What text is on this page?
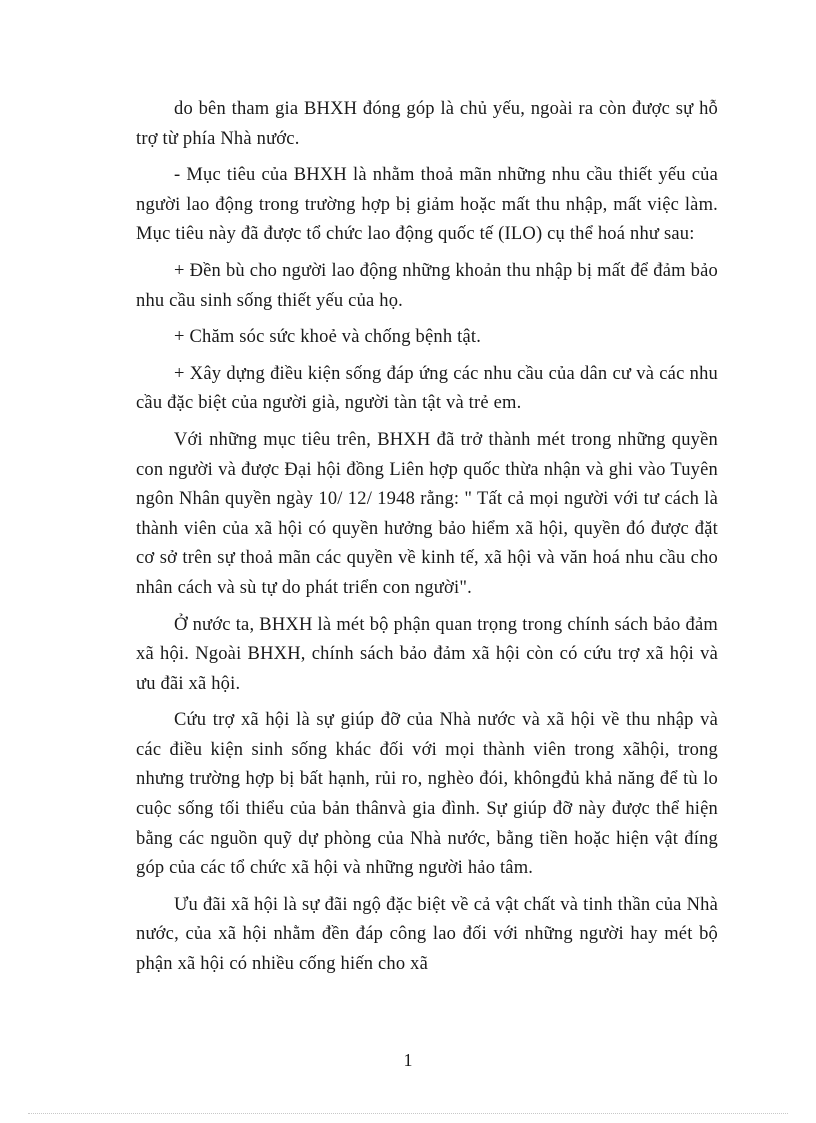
do bên tham gia BHXH đóng góp là chủ yếu, ngoài ra còn được sự hỗ trợ từ phía Nhà nước.

- Mục tiêu của BHXH là nhằm thoả mãn những nhu cầu thiết yếu của người lao động trong trường hợp bị giảm hoặc mất thu nhập, mất việc làm. Mục tiêu này đã được tổ chức lao động quốc tế (ILO) cụ thể hoá như sau:

+ Đền bù cho người lao động những khoản thu nhập bị mất để đảm bảo nhu cầu sinh sống thiết yếu của họ.

+ Chăm sóc sức khoẻ và chống bệnh tật.

+ Xây dựng điều kiện sống đáp ứng các nhu cầu của dân cư và các nhu cầu đặc biệt của người già, người tàn tật và trẻ em.

Với những mục tiêu trên, BHXH đã trở thành mét trong những quyền con người và được Đại hội đồng Liên hợp quốc thừa nhận và ghi vào Tuyên ngôn Nhân quyền ngày 10/ 12/ 1948 rằng: " Tất cả mọi người với tư cách là thành viên của xã hội có quyền hưởng bảo hiểm xã hội, quyền đó được đặt cơ sở trên sự thoả mãn các quyền về kinh tế, xã hội và văn hoá nhu cầu cho nhân cách và sù tự do phát triển con người".

Ở nước ta, BHXH là mét bộ phận quan trọng trong chính sách bảo đảm xã hội. Ngoài BHXH, chính sách bảo đảm xã hội còn có cứu trợ xã hội và ưu đãi xã hội.

Cứu trợ xã hội là sự giúp đỡ của Nhà nước và xã hội về thu nhập và các điều kiện sinh sống khác đối với mọi thành viên trong xãhội, trong nhưng trường hợp bị bất hạnh, rủi ro, nghèo đói, khôngđủ khả năng để tù lo cuộc sống tối thiểu của bản thânvà gia đình. Sự giúp đỡ này được thể hiện bằng các nguồn quỹ dự phòng của Nhà nước, bằng tiền hoặc hiện vật đíng góp của các tổ chức xã hội và những người hảo tâm.

Ưu đãi xã hội là sự đãi ngộ đặc biệt về cả vật chất và tinh thần của Nhà nước, của xã hội nhằm đền đáp công lao đối với những người hay mét bộ phận xã hội có nhiều cống hiến cho xã

1
